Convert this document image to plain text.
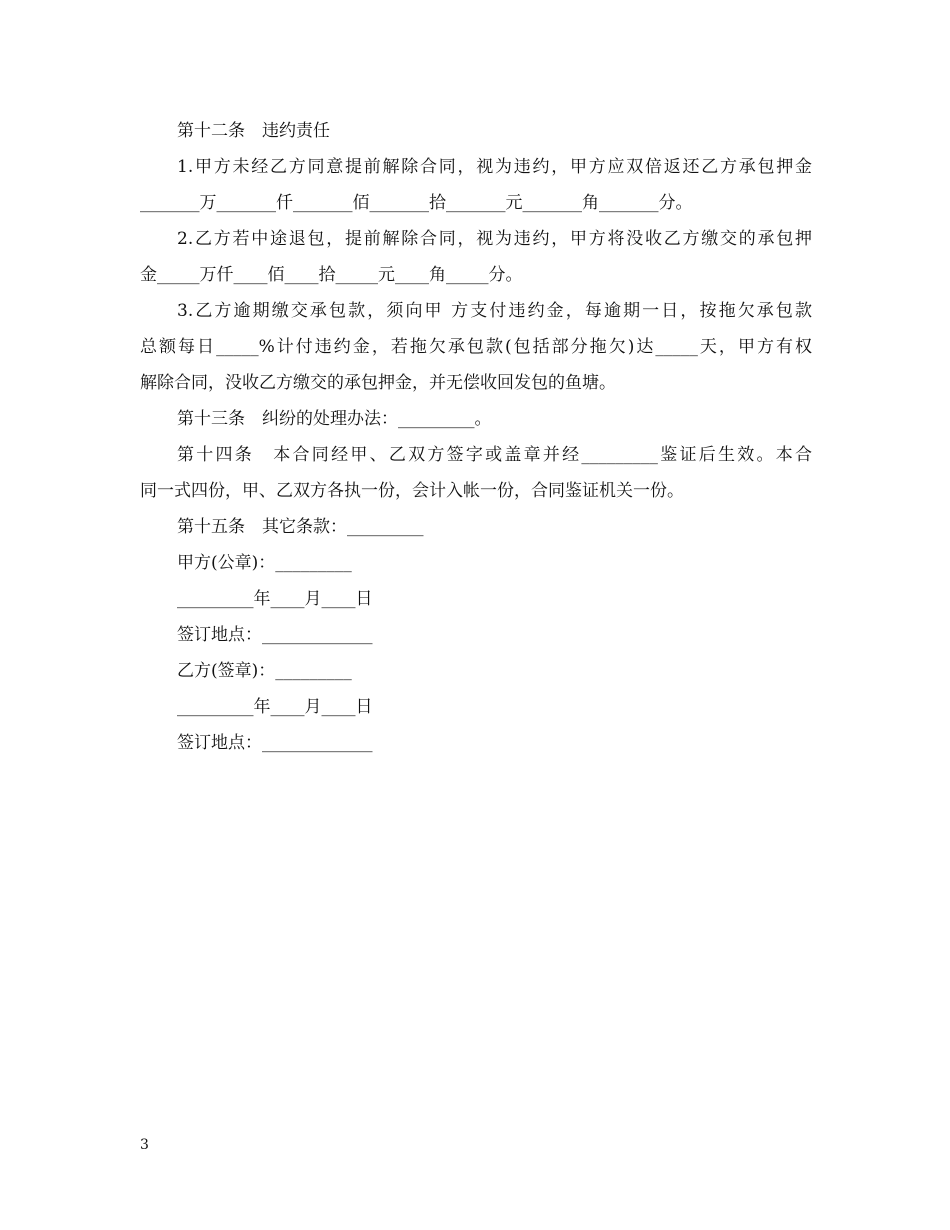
第十二条　违约责任
1.甲方未经乙方同意提前解除合同，视为违约，甲方应双倍返还乙方承包押金
_______万_______仟_______佰_______拾_______元_______角_______分。
2.乙方若中途退包，提前解除合同，视为违约，甲方将没收乙方缴交的承包押
金_____万仟____佰____拾_____元____角_____分。
3.乙方逾期缴交承包款，须向甲 方支付违约金，每逾期一日，按拖欠承包款
总额每日_____%计付违约金，若拖欠承包款(包括部分拖欠)达_____天，甲方有权
解除合同，没收乙方缴交的承包押金，并无偿收回发包的鱼塘。
第十三条　纠纷的处理办法：_________。
第十四条　本合同经甲、乙双方签字或盖章并经_________鉴证后生效。本合
同一式四份，甲、乙双方各执一份，会计入帐一份，合同鉴证机关一份。
第十五条　其它条款：_________
甲方(公章)：_________
_________年____月____日
签订地点：_____________
乙方(签章)：_________
_________年____月____日
签订地点：_____________
3
